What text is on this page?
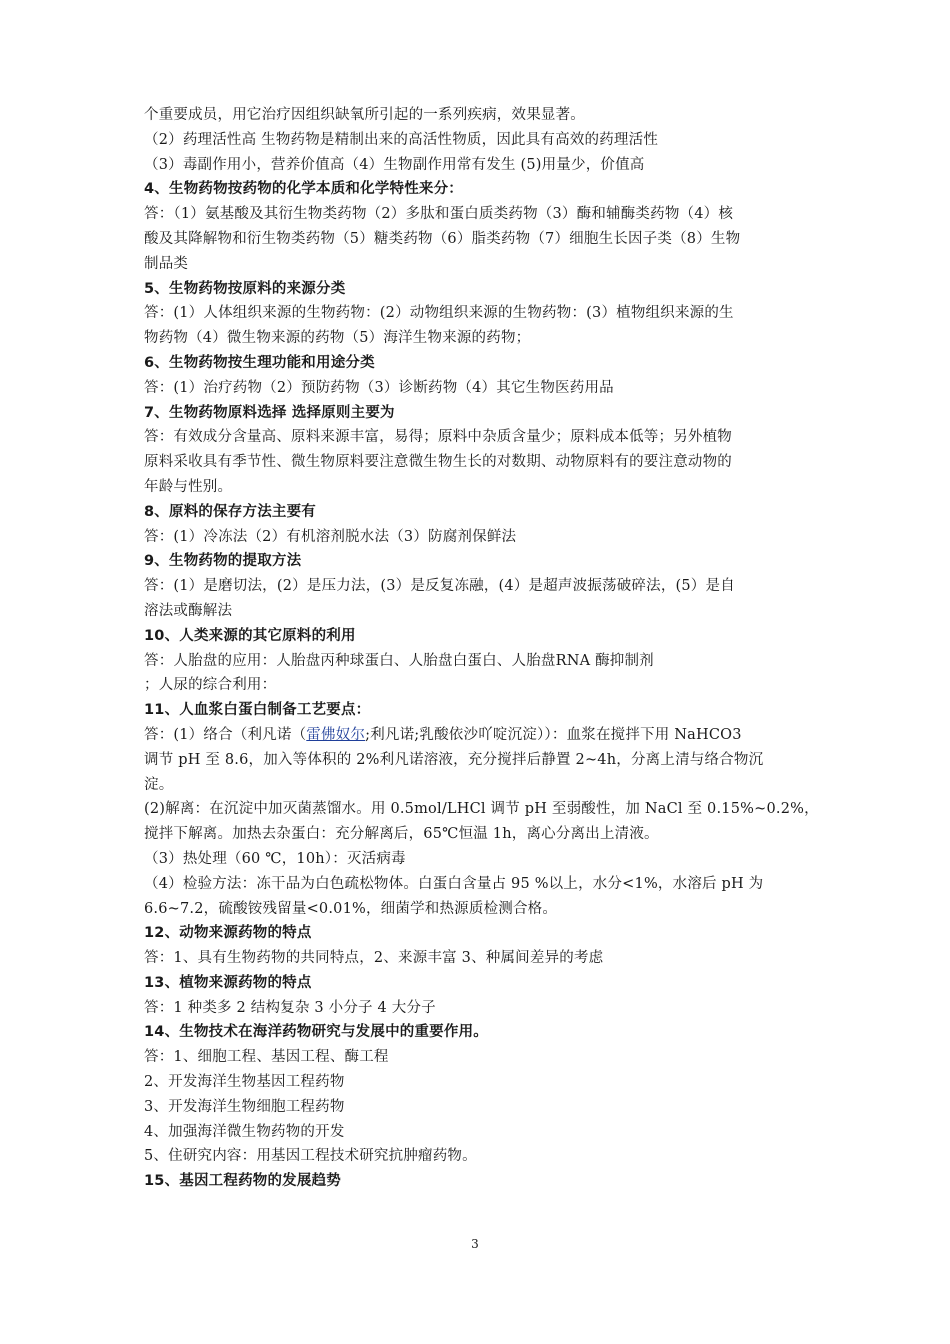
个重要成员，用它治疗因组织缺氧所引起的一系列疾病，效果显著。
（2）药理活性高 生物药物是精制出来的高活性物质，因此具有高效的药理活性
（3）毒副作用小，营养价值高（4）生物副作用常有发生 (5)用量少，价值高
4、生物药物按药物的化学本质和化学特性来分：
答：（1）氨基酸及其衍生物类药物（2）多肽和蛋白质类药物（3）酶和辅酶类药物（4）核
酸及其降解物和衍生物类药物（5）糖类药物（6）脂类药物（7）细胞生长因子类（8）生物
制品类
5、生物药物按原料的来源分类
答：(1）人体组织来源的生物药物：(2）动物组织来源的生物药物：(3）植物组织来源的生
物药物（4）微生物来源的药物（5）海洋生物来源的药物；
6、生物药物按生理功能和用途分类
答：(1）治疗药物（2）预防药物（3）诊断药物（4）其它生物医药用品
7、生物药物原料选择 选择原则主要为
答：有效成分含量高、原料来源丰富，易得；原料中杂质含量少；原料成本低等；另外植物
原料采收具有季节性、微生物原料要注意微生物生长的对数期、动物原料有的要注意动物的
年龄与性别。
8、原料的保存方法主要有
答：(1）冷冻法（2）有机溶剂脱水法（3）防腐剂保鲜法
9、生物药物的提取方法
答：(1）是磨切法，(2）是压力法，(3）是反复冻融，(4）是超声波振荡破碎法，(5）是自
溶法或酶解法
10、人类来源的其它原料的利用
答：人胎盘的应用：人胎盘丙种球蛋白、人胎盘白蛋白、人胎盘RNA 酶抑制剂
；人尿的综合利用：
11、人血浆白蛋白制备工艺要点：
答：(1）络合（利凡诺（雷佛奴尔;利凡诺;乳酸依沙吖啶沉淀））：血浆在搅拌下用 NaHCO3
调节 pH 至 8.6，加入等体积的 2%利凡诺溶液，充分搅拌后静置 2~4h，分离上清与络合物沉
淀。
(2)解离：在沉淀中加灭菌蒸馏水。用 0.5mol/LHCl 调节 pH 至弱酸性，加 NaCl 至 0.15%~0.2%，
搅拌下解离。加热去杂蛋白：充分解离后，65℃恒温 1h，离心分离出上清液。
（3）热处理（60 ℃，10h）：灭活病毒
（4）检验方法：冻干品为白色疏松物体。白蛋白含量占 95 %以上，水分<1%，水溶后 pH 为
6.6~7.2，硫酸铵残留量<0.01%，细菌学和热源质检测合格。
12、动物来源药物的特点
答：1、具有生物药物的共同特点，2、来源丰富 3、种属间差异的考虑
13、植物来源药物的特点
答：1 种类多 2 结构复杂 3 小分子 4 大分子
14、生物技术在海洋药物研究与发展中的重要作用。
答：1、细胞工程、基因工程、酶工程
2、开发海洋生物基因工程药物
3、开发海洋生物细胞工程药物
4、加强海洋微生物药物的开发
5、住研究内容：用基因工程技术研究抗肿瘤药物。
15、基因工程药物的发展趋势
3
